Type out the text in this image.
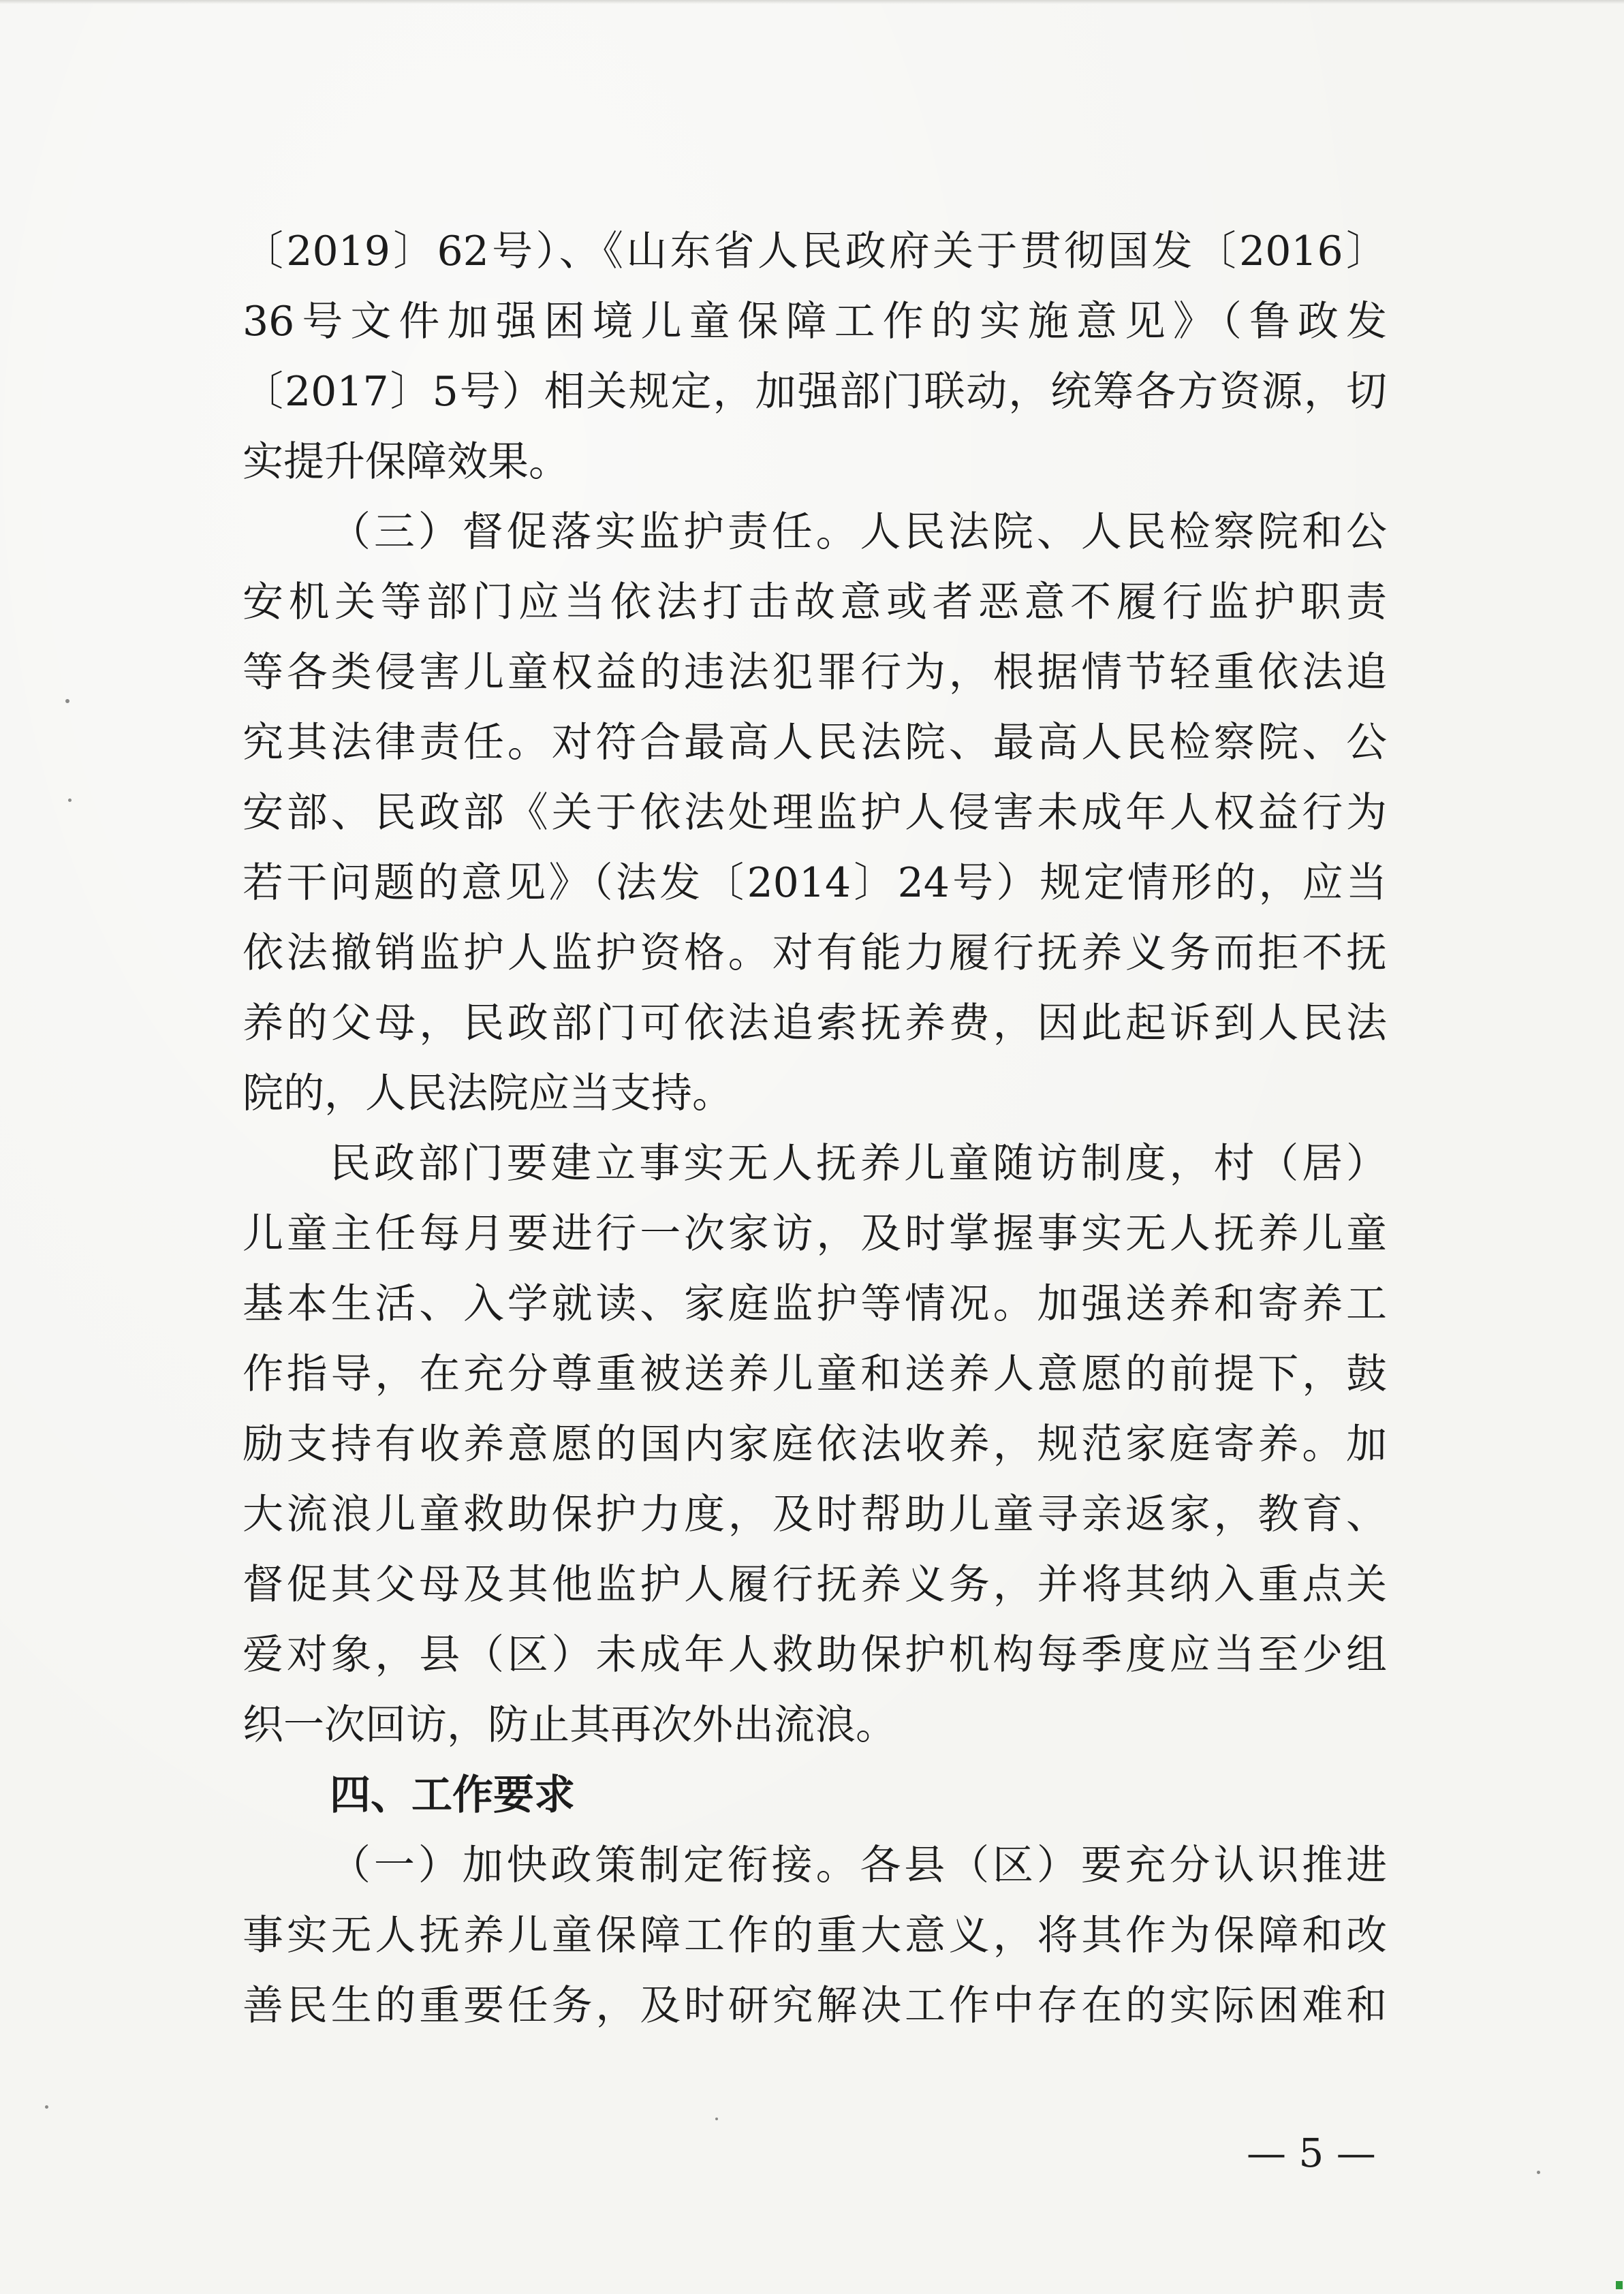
〔2019〕62号）、《山东省人民政府关于贯彻国发〔2016〕
36号文件加强困境儿童保障工作的实施意见》（鲁政发
〔2017〕5号）相关规定，加强部门联动，统筹各方资源，切
实提升保障效果。
（三）督促落实监护责任。人民法院、人民检察院和公
安机关等部门应当依法打击故意或者恶意不履行监护职责
等各类侵害儿童权益的违法犯罪行为，根据情节轻重依法追
究其法律责任。对符合最高人民法院、最高人民检察院、公
安部、民政部《关于依法处理监护人侵害未成年人权益行为
若干问题的意见》（法发〔2014〕24号）规定情形的，应当
依法撤销监护人监护资格。对有能力履行抚养义务而拒不抚
养的父母，民政部门可依法追索抚养费，因此起诉到人民法
院的，人民法院应当支持。
民政部门要建立事实无人抚养儿童随访制度，村（居）
儿童主任每月要进行一次家访，及时掌握事实无人抚养儿童
基本生活、入学就读、家庭监护等情况。加强送养和寄养工
作指导，在充分尊重被送养儿童和送养人意愿的前提下，鼓
励支持有收养意愿的国内家庭依法收养，规范家庭寄养。加
大流浪儿童救助保护力度，及时帮助儿童寻亲返家，教育、
督促其父母及其他监护人履行抚养义务，并将其纳入重点关
爱对象，县（区）未成年人救助保护机构每季度应当至少组
织一次回访，防止其再次外出流浪。
四、工作要求
（一）加快政策制定衔接。各县（区）要充分认识推进
事实无人抚养儿童保障工作的重大意义，将其作为保障和改
善民生的重要任务，及时研究解决工作中存在的实际困难和
— 5 —
